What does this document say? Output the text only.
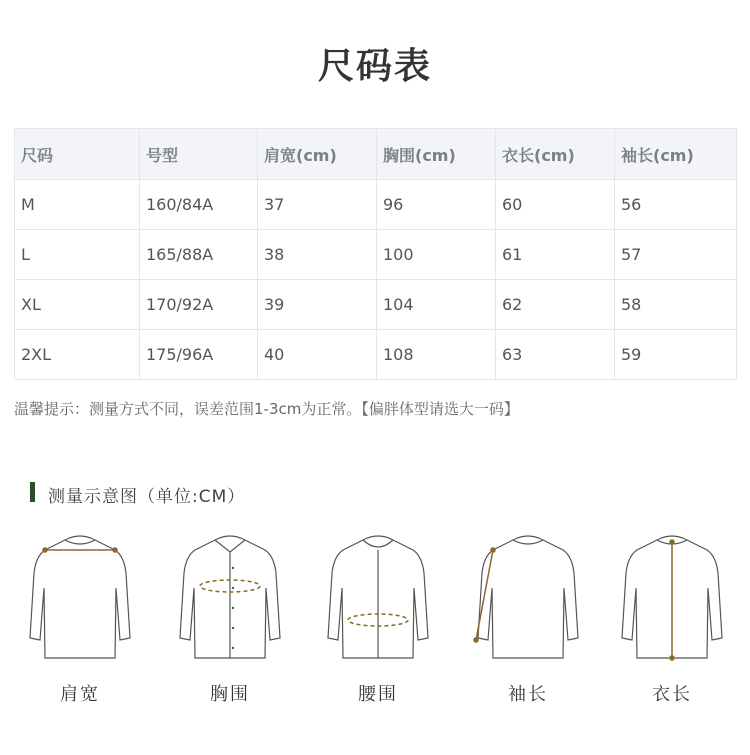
尺码表
尺码	号型	肩宽(cm)	胸围(cm)	衣长(cm)	袖长(cm)
M	160/84A	37	96	60	56
L	165/88A	38	100	61	57
XL	170/92A	39	104	62	58
2XL	175/96A	40	108	63	59
温馨提示：测量方式不同，误差范围1-3cm为正常。【偏胖体型请选大一码】
测量示意图（单位:CM）
肩宽	胸围	腰围	袖长	衣长
